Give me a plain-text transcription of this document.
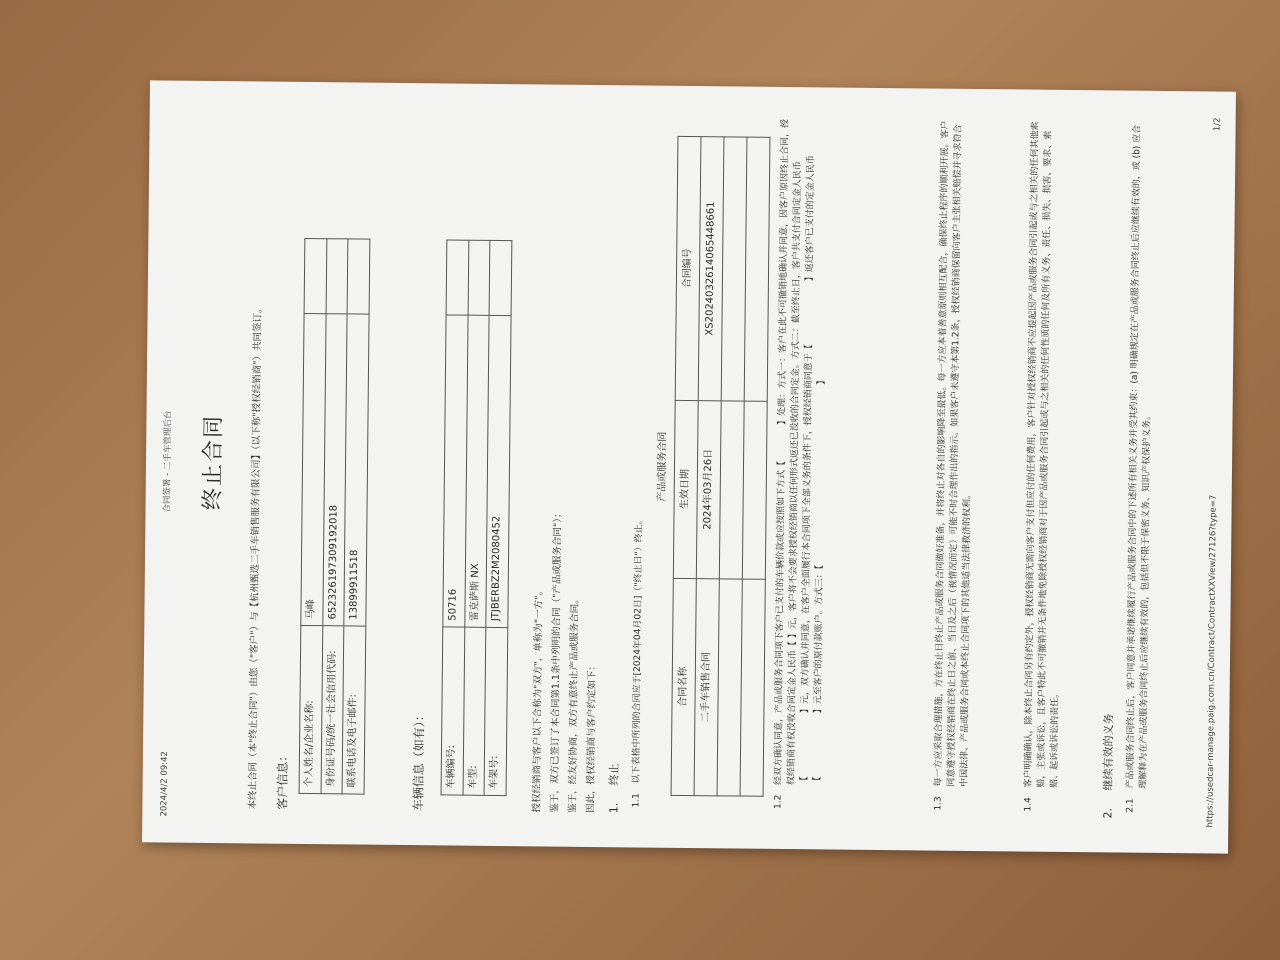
2024/4/2 09:42
合同签署 - 二手车管理后台 终止合同	本终止合同（本"终止合同"）由您（"客户"）与【杭州甄选二手车销售服务有限公司】（以下称"授权经销商"）共同签订。 客户信息： 个人姓名/企业名称:	马峰	
身份证号码/统一社会信用代码:	652326197309192018	
联系电话及电子邮件:	13899911518	
车辆信息（如有）： 车辆编号:	50716	
车型:	雷克萨斯 NX	
车架号:	JTJBERBZ2M2080452	
授权经销商与客户以下合称为"双方"，单称为"一方"。 鉴于，双方已签订了本合同第1.1条中列明的合同（"产品或服务合同"）； 鉴于，经友好协商，双方有意终止产品或服务合同。 因此，授权经销商与客户约定如下： 1. 终止
1.1
以下表格中所列的合同应于[2024年04月02日]（"终止日"）终止。
产品或服务合同
合同名称	生效日期	合同编号
二手车销售合同	2024年03月26日	XS2024032614065448661

1.2
经双方确认同意，产品或服务合同项下客户已支付的车辆价款或应按照如下方式【　　　　】处理：方式一：客户在此不可撤销地确认并同意，因客户原因终止合同，授权经销商有权没收合同定金人民币【 】元，客户将不会要求授权经销商以任何形式返还已没收的合同定金。方式二：截至终止日，客户共支付合同定金人民币【　　　　　　　】元，双方确认并同意，在客户全面履行本合同项下全部义务的条件下，授权经销商同意于【　　　　　　　】返还客户已支付的定金人民币【　　　　　　　】元至客户的原付款账户。方式三：【　　　　　　　　　　　　　　　　　　　　】
1.3
每一方应采取合理措施，方在终止日终止产品或服务合同做好准备，并将终止对各自的影响降至最低。每一方应本着善意原则相互配合，确保终止程序的顺利开展。客户同意遵守授权经销商在终止日之前、当日及之后（视情况而定）可能不时合理作出的指示。如果客户未遵守本第1.2条，授权经销商保留向客户主张相关赔偿并寻求符合中国法律、产品或服务合同或本终止合同项下的其他适当法律救济的权利。
1.4
客户明确确认，除本终止合同另有约定外，授权经销商无需向客户支付但应付的任何费用，客户针对授权经销商不应提起因产品或服务合同引起或与之相关的任何其他索赔，主张或诉讼，且客户特此不可撤销并无条件地免除授权经销商对于因产品或服务合同引起或与之相关的任何性质的任何及所有义务、责任、损失、损害、要求、索赔、起诉或诉讼的责任。
2. 继续有效的义务
2.1
产品或服务合同终止后，客户同意并承诺继续履行产品或服务合同中的下述所有相关义务并受其约束：(a) 明确规定在产品或服务合同终止后应继续有效的，或 (b) 应合理解释为在产品或服务合同终止后应继续有效的，包括但不限于保密义务、知识产权保护义务。	https://usedcar-manage.paig.com.cn/Contract/ContractXXView/27126?type=7
1/2
